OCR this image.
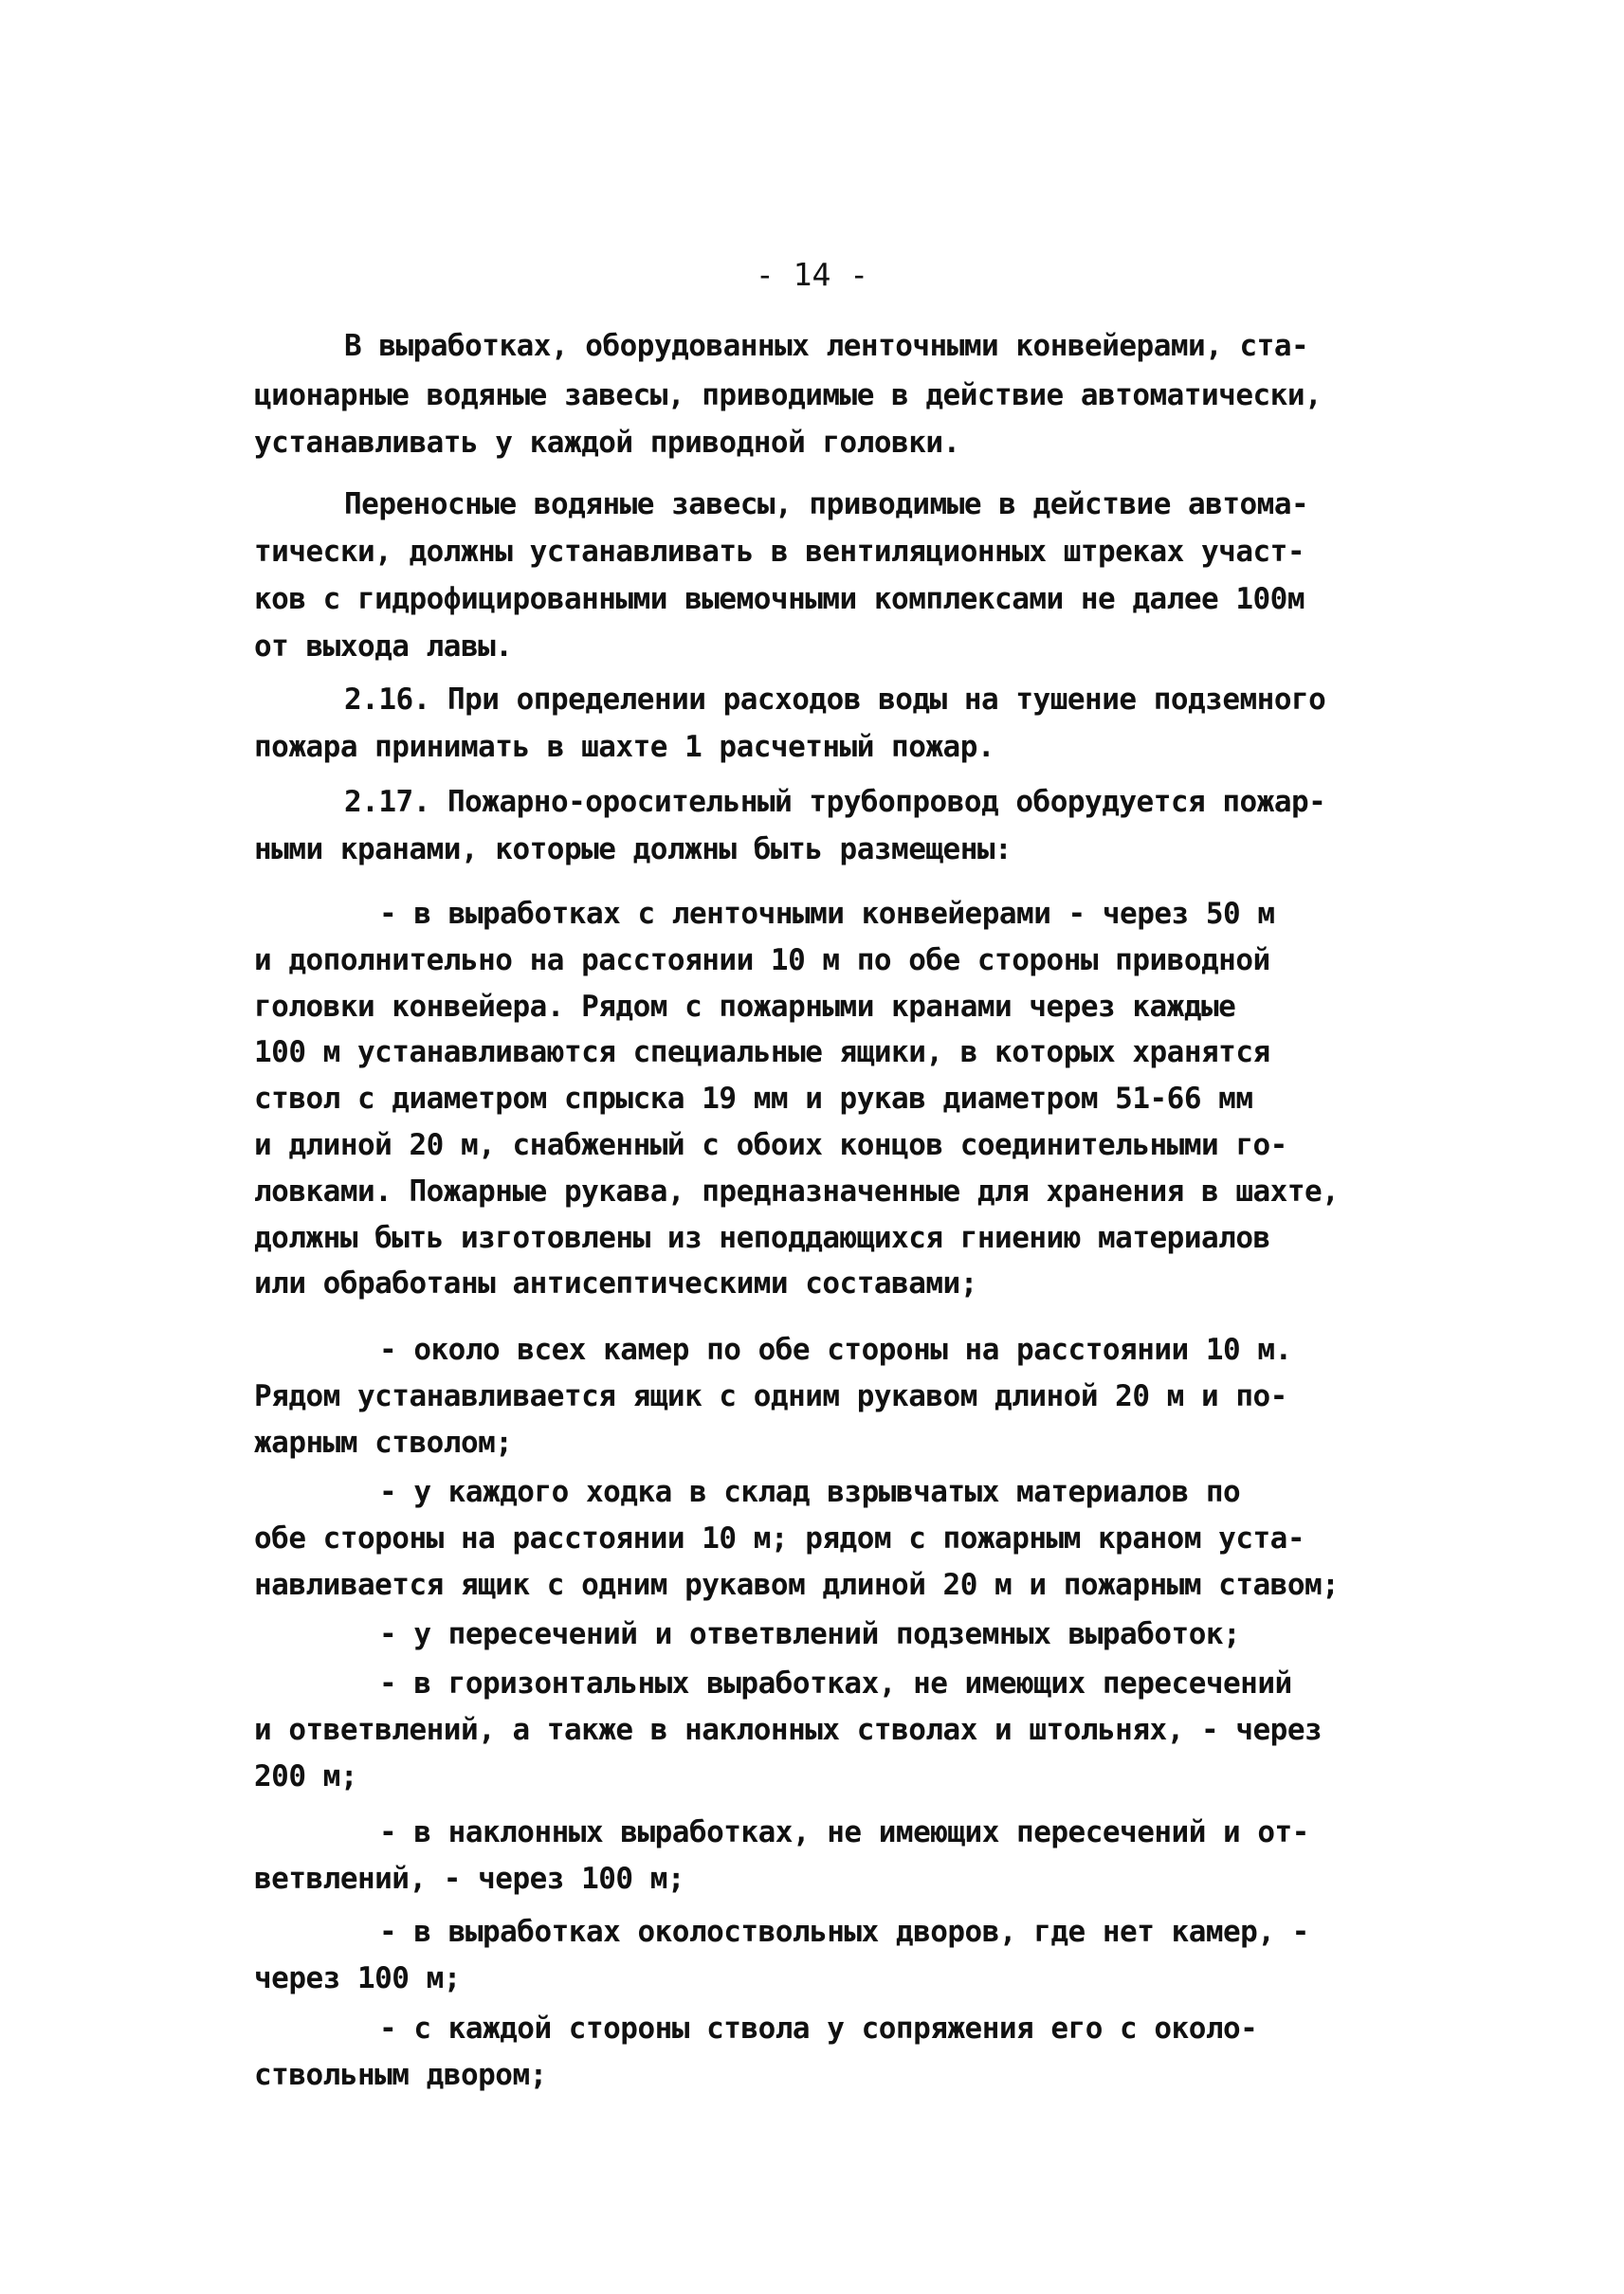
- 14 -
В выработках, оборудованных ленточными конвейерами, ста-
ционарные водяные завесы, приводимые в действие автоматически,
устанавливать у каждой приводной головки.
Переносные водяные завесы, приводимые в действие автома-
тически, должны устанавливать в вентиляционных штреках участ-
ков с гидрофицированными выемочными комплексами не далее 100м
от выхода лавы.
2.16. При определении расходов воды на тушение подземного
пожара принимать в шахте 1 расчетный пожар.
2.17. Пожарно-оросительный трубопровод оборудуется пожар-
ными кранами, которые должны быть размещены:
- в выработках с ленточными конвейерами - через 50 м
и дополнительно на расстоянии 10 м по обе стороны приводной
головки конвейера. Рядом с пожарными кранами через каждые
100 м устанавливаются специальные ящики, в которых хранятся
ствол с диаметром спрыска 19 мм и рукав диаметром 51-66 мм
и длиной 20 м, снабженный с обоих концов соединительными го-
ловками. Пожарные рукава, предназначенные для хранения в шахте,
должны быть изготовлены из неподдающихся гниению материалов
или обработаны антисептическими составами;
- около всех камер по обе стороны на расстоянии 10 м.
Рядом устанавливается ящик с одним рукавом длиной 20 м и по-
жарным стволом;
- у каждого ходка в склад взрывчатых материалов по
обе стороны на расстоянии 10 м; рядом с пожарным краном уста-
навливается ящик с одним рукавом длиной 20 м и пожарным ставом;
- у пересечений и ответвлений подземных выработок;
- в горизонтальных выработках, не имеющих пересечений
и ответвлений, а также в наклонных стволах и штольнях, - через
200 м;
- в наклонных выработках, не имеющих пересечений и от-
ветвлений, - через 100 м;
- в выработках околоствольных дворов, где нет камер, -
через 100 м;
- с каждой стороны ствола у сопряжения его с околo-
ствольным двором;
